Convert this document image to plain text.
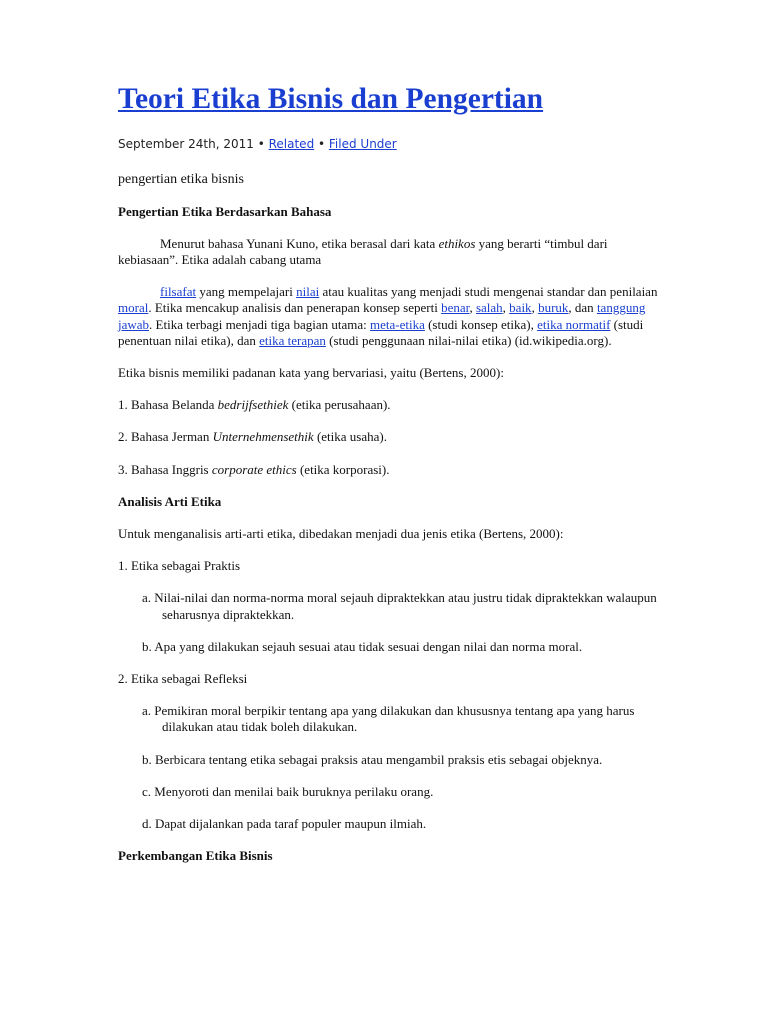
Teori Etika Bisnis dan Pengertian
September 24th, 2011 • Related • Filed Under

pengertian etika bisnis

Pengertian Etika Berdasarkan Bahasa

Menurut bahasa Yunani Kuno, etika berasal dari kata ethikos yang berarti “timbul dari kebiasaan”. Etika adalah cabang utama

filsafat yang mempelajari nilai atau kualitas yang menjadi studi mengenai standar dan penilaian moral. Etika mencakup analisis dan penerapan konsep seperti benar, salah, baik, buruk, dan tanggung jawab. Etika terbagi menjadi tiga bagian utama: meta-etika (studi konsep etika), etika normatif (studi penentuan nilai etika), dan etika terapan (studi penggunaan nilai-nilai etika) (id.wikipedia.org).

Etika bisnis memiliki padanan kata yang bervariasi, yaitu (Bertens, 2000):

1. Bahasa Belanda bedrijfsethiek (etika perusahaan).

2. Bahasa Jerman Unternehmensethik (etika usaha).

3. Bahasa Inggris corporate ethics (etika korporasi).

Analisis Arti Etika

Untuk menganalisis arti-arti etika, dibedakan menjadi dua jenis etika (Bertens, 2000):

1. Etika sebagai Praktis

a. Nilai-nilai dan norma-norma moral sejauh dipraktekkan atau justru tidak dipraktekkan walaupun seharusnya dipraktekkan.

b. Apa yang dilakukan sejauh sesuai atau tidak sesuai dengan nilai dan norma moral.

2. Etika sebagai Refleksi

a. Pemikiran moral berpikir tentang apa yang dilakukan dan khususnya tentang apa yang harus dilakukan atau tidak boleh dilakukan.

b. Berbicara tentang etika sebagai praksis atau mengambil praksis etis sebagai objeknya.

c. Menyoroti dan menilai baik buruknya perilaku orang.

d. Dapat dijalankan pada taraf populer maupun ilmiah.

Perkembangan Etika Bisnis
